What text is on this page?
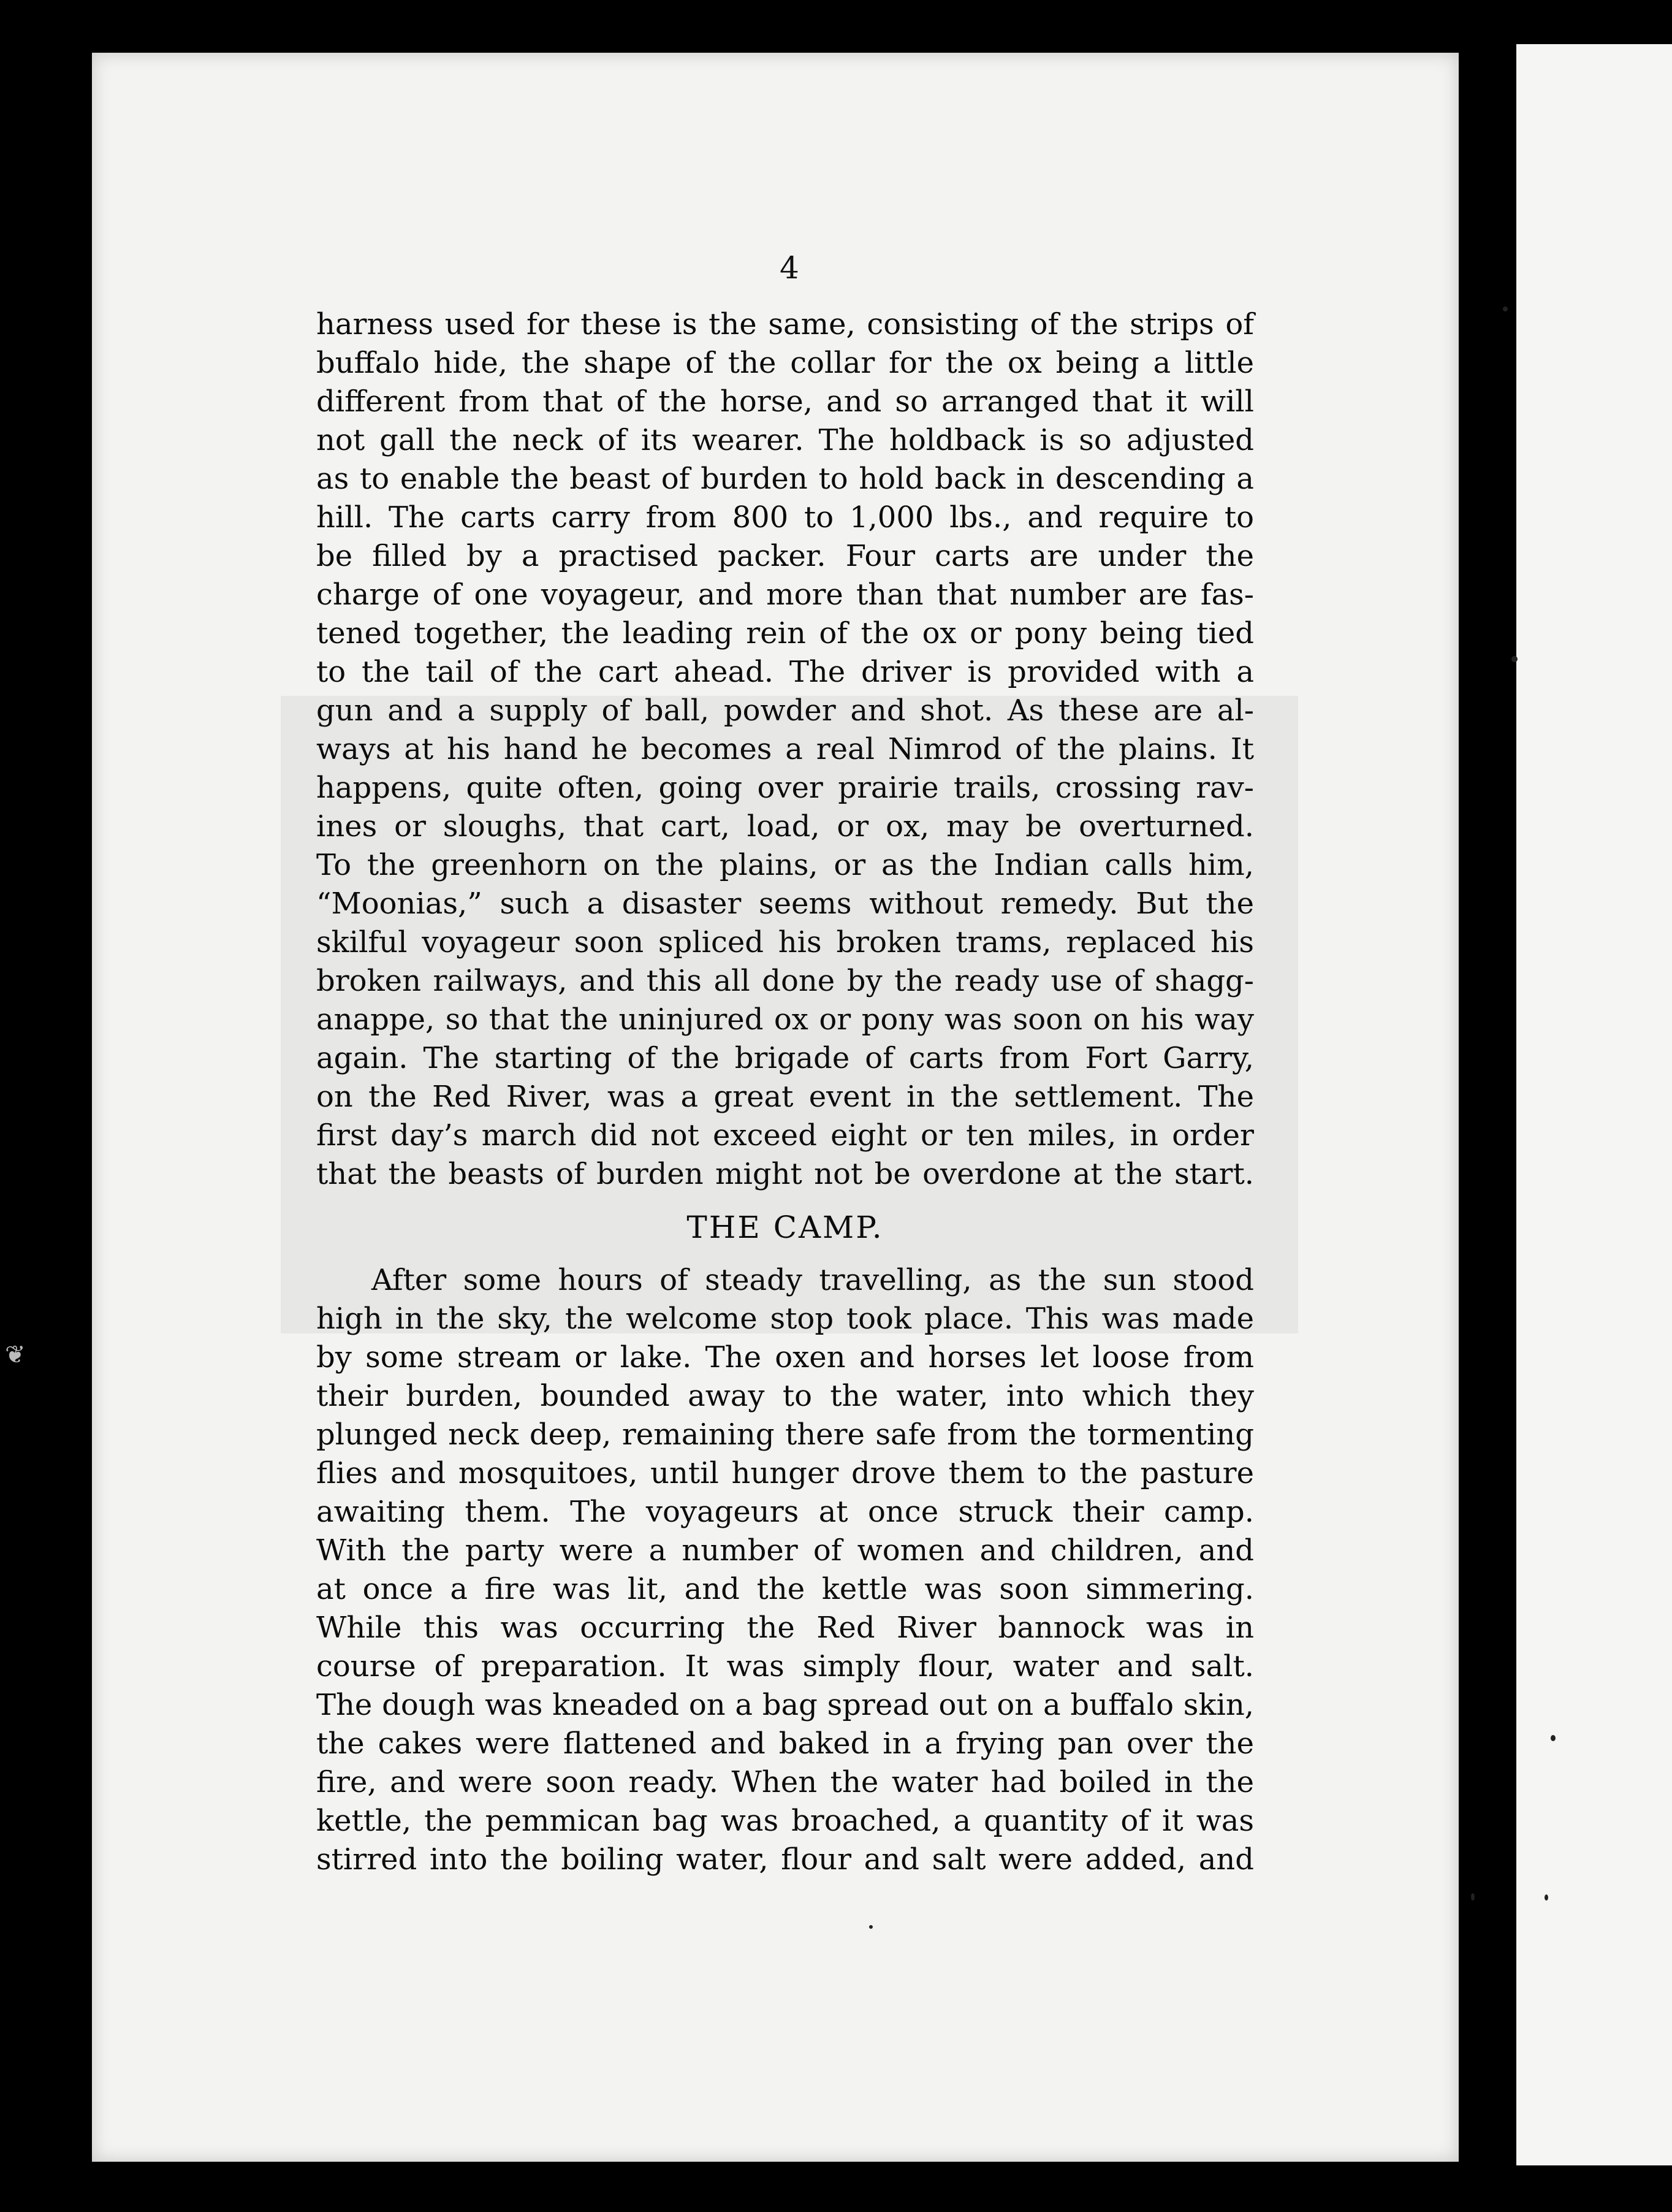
❦
4
harness used for these is the same, consisting of the strips of
buffalo hide, the shape of the collar for the ox being a little
different from that of the horse, and so arranged that it will
not gall the neck of its wearer. The holdback is so adjusted
as to enable the beast of burden to hold back in descending a
hill. The carts carry from 800 to 1,000 lbs., and require to
be filled by a practised packer. Four carts are under the
charge of one voyageur, and more than that number are fas-
tened together, the leading rein of the ox or pony being tied
to the tail of the cart ahead. The driver is provided with a
gun and a supply of ball, powder and shot. As these are al-
ways at his hand he becomes a real Nimrod of the plains. It
happens, quite often, going over prairie trails, crossing rav-
ines or sloughs, that cart, load, or ox, may be overturned.
To the greenhorn on the plains, or as the Indian calls him,
“Moonias,” such a disaster seems without remedy. But the
skilful voyageur soon spliced his broken trams, replaced his
broken railways, and this all done by the ready use of shagg-
anappe, so that the uninjured ox or pony was soon on his way
again. The starting of the brigade of carts from Fort Garry,
on the Red River, was a great event in the settlement. The
first day’s march did not exceed eight or ten miles, in order
that the beasts of burden might not be overdone at the start.
THE CAMP.
After some hours of steady travelling, as the sun stood
high in the sky, the welcome stop took place. This was made
by some stream or lake. The oxen and horses let loose from
their burden, bounded away to the water, into which they
plunged neck deep, remaining there safe from the tormenting
flies and mosquitoes, until hunger drove them to the pasture
awaiting them. The voyageurs at once struck their camp.
With the party were a number of women and children, and
at once a fire was lit, and the kettle was soon simmering.
While this was occurring the Red River bannock was in
course of preparation. It was simply flour, water and salt.
The dough was kneaded on a bag spread out on a buffalo skin,
the cakes were flattened and baked in a frying pan over the
fire, and were soon ready. When the water had boiled in the
kettle, the pemmican bag was broached, a quantity of it was
stirred into the boiling water, flour and salt were added, and
